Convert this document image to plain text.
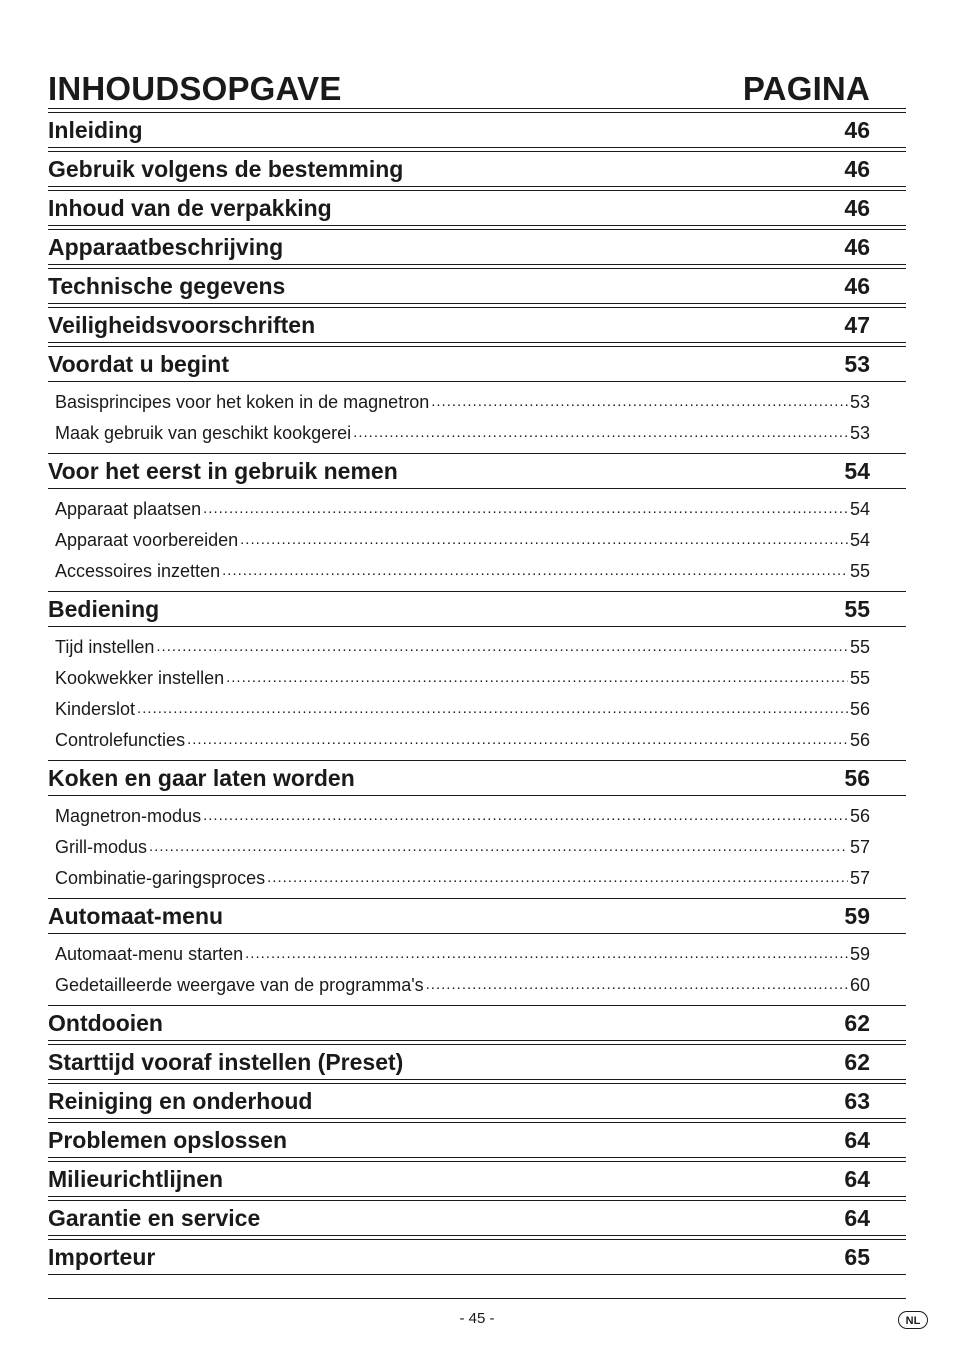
INHOUDSOPGAVE	PAGINA
Inleiding	46
Gebruik volgens de bestemming	46
Inhoud van de verpakking	46
Apparaatbeschrijving	46
Technische gegevens	46
Veiligheidsvoorschriften	47
Voordat u begint	53
Basisprincipes voor het koken in de magnetron .....	53
Maak gebruik van geschikt kookgerei .....	53
Voor het eerst in gebruik nemen	54
Apparaat plaatsen .....	54
Apparaat voorbereiden .....	54
Accessoires inzetten .....	55
Bediening	55
Tijd instellen .....	55
Kookwekker instellen .....	55
Kinderslot .....	56
Controlefuncties .....	56
Koken en gaar laten worden	56
Magnetron-modus .....	56
Grill-modus .....	57
Combinatie-garingsproces .....	57
Automaat-menu	59
Automaat-menu starten .....	59
Gedetailleerde weergave van de programma's .....	60
Ontdooien	62
Starttijd vooraf instellen (Preset)	62
Reiniging en onderhoud	63
Problemen opslossen	64
Milieurichtlijnen	64
Garantie en service	64
Importeur	65
- 45 -	NL
